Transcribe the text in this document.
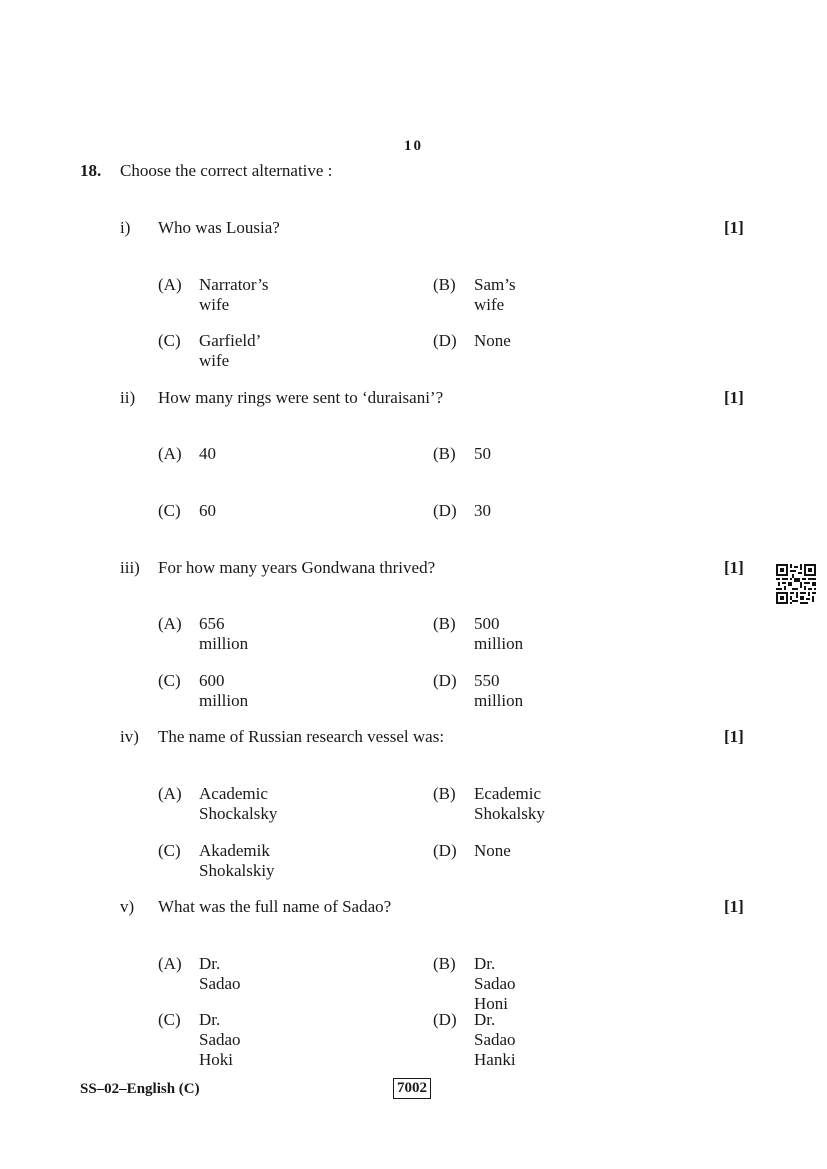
10
18. Choose the correct alternative :
i) Who was Lousia?	[1]
(A) Narrator’s wife
(B) Sam’s wife
(C) Garfield’ wife
(D) None
ii) How many rings were sent to ‘duraisani’?	[1]
(A) 40	(B) 50
(C) 60	(D) 30
iii) For how many years Gondwana thrived?	[1]
(A) 656 million
(B) 500 million
(C) 600 million
(D) 550 million
iv) The name of Russian research vessel was:	[1]
(A) Academic Shockalsky
(B) Ecademic Shokalsky
(C) Akademik Shokalskiy
(D) None
v) What was the full name of Sadao?	[1]
(A) Dr. Sadao
(B) Dr. Sadao Honi
(C) Dr. Sadao Hoki
(D) Dr. Sadao Hanki
SS–02–English (C)	7002
